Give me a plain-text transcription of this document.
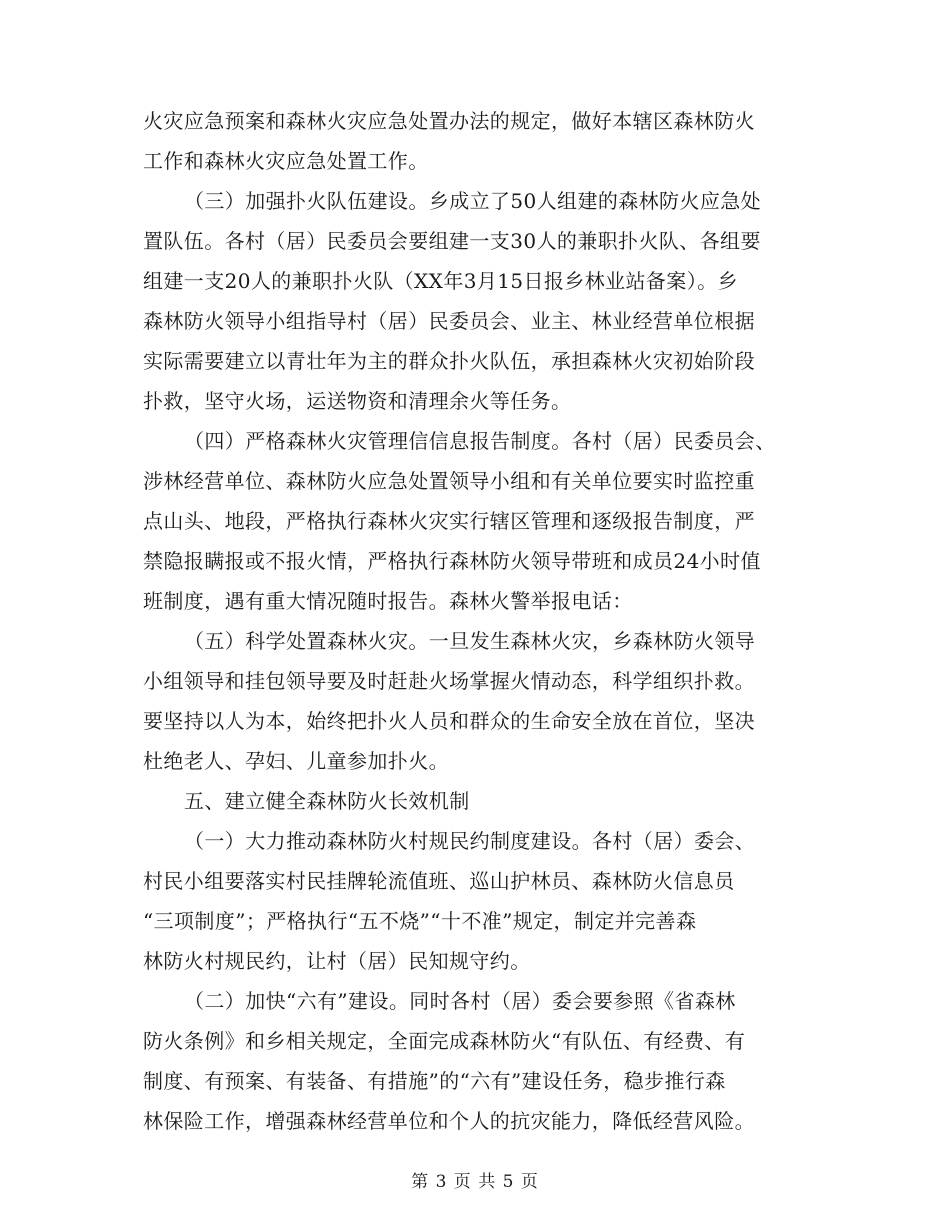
火灾应急预案和森林火灾应急处置办法的规定，做好本辖区森林防火
工作和森林火灾应急处置工作。
（三）加强扑火队伍建设。乡成立了50人组建的森林防火应急处
置队伍。各村（居）民委员会要组建一支30人的兼职扑火队、各组要
组建一支20人的兼职扑火队（XX年3月15日报乡林业站备案）。乡
森林防火领导小组指导村（居）民委员会、业主、林业经营单位根据
实际需要建立以青壮年为主的群众扑火队伍，承担森林火灾初始阶段
扑救，坚守火场，运送物资和清理余火等任务。
（四）严格森林火灾管理信信息报告制度。各村（居）民委员会、
涉林经营单位、森林防火应急处置领导小组和有关单位要实时监控重
点山头、地段，严格执行森林火灾实行辖区管理和逐级报告制度，严
禁隐报瞒报或不报火情，严格执行森林防火领导带班和成员24小时值
班制度，遇有重大情况随时报告。森林火警举报电话：
（五）科学处置森林火灾。一旦发生森林火灾，乡森林防火领导
小组领导和挂包领导要及时赶赴火场掌握火情动态，科学组织扑救。
要坚持以人为本，始终把扑火人员和群众的生命安全放在首位，坚决
杜绝老人、孕妇、儿童参加扑火。
五、建立健全森林防火长效机制
（一）大力推动森林防火村规民约制度建设。各村（居）委会、
村民小组要落实村民挂牌轮流值班、巡山护林员、森林防火信息员
“三项制度”；严格执行“五不烧”“十不准”规定，制定并完善森
林防火村规民约，让村（居）民知规守约。
（二）加快“六有”建设。同时各村（居）委会要参照《省森林
防火条例》和乡相关规定，全面完成森林防火“有队伍、有经费、有
制度、有预案、有装备、有措施”的“六有”建设任务，稳步推行森
林保险工作，增强森林经营单位和个人的抗灾能力，降低经营风险。
第 3 页 共 5 页
